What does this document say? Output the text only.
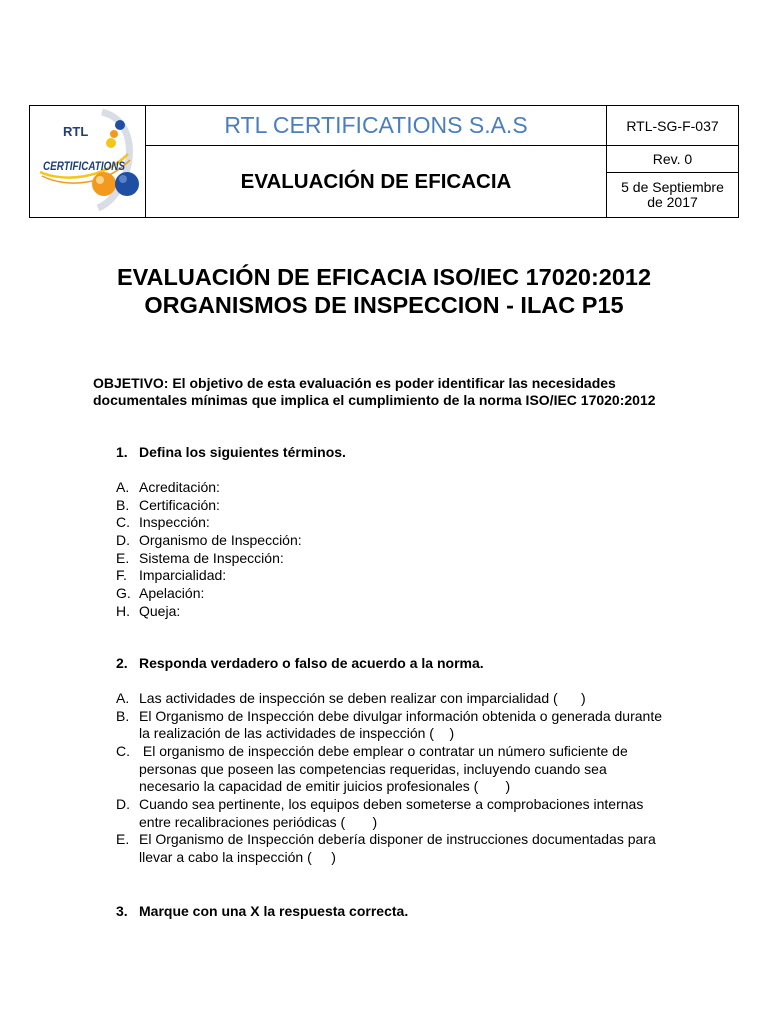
RTL
CERTIFICATIONS
RTL CERTIFICATIONS S.A.S	RTL-SG-F-037
EVALUACIÓN DE EFICACIA
Rev. 0
5 de Septiembre
de 2017
EVALUACIÓN DE EFICACIA ISO/IEC 17020:2012
ORGANISMOS DE INSPECCION - ILAC P15
OBJETIVO: El objetivo de esta evaluación es poder identificar las necesidades
documentales mínimas que implica el cumplimiento de la norma ISO/IEC 17020:2012
1. Defina los siguientes términos.
A. Acreditación:
B. Certificación:
C. Inspección:
D. Organismo de Inspección:
E. Sistema de Inspección:
F. Imparcialidad:
G. Apelación:
H. Queja:
2. Responda verdadero o falso de acuerdo a la norma.
A. Las actividades de inspección se deben realizar con imparcialidad (      )
B. El Organismo de Inspección debe divulgar información obtenida o generada durante
la realización de las actividades de inspección (    )
C. El organismo de inspección debe emplear o contratar un número suficiente de
personas que poseen las competencias requeridas, incluyendo cuando sea
necesario la capacidad de emitir juicios profesionales (       )
D. Cuando sea pertinente, los equipos deben someterse a comprobaciones internas
entre recalibraciones periódicas (       )
E. El Organismo de Inspección debería disponer de instrucciones documentadas para
llevar a cabo la inspección (     )
3. Marque con una X la respuesta correcta.
